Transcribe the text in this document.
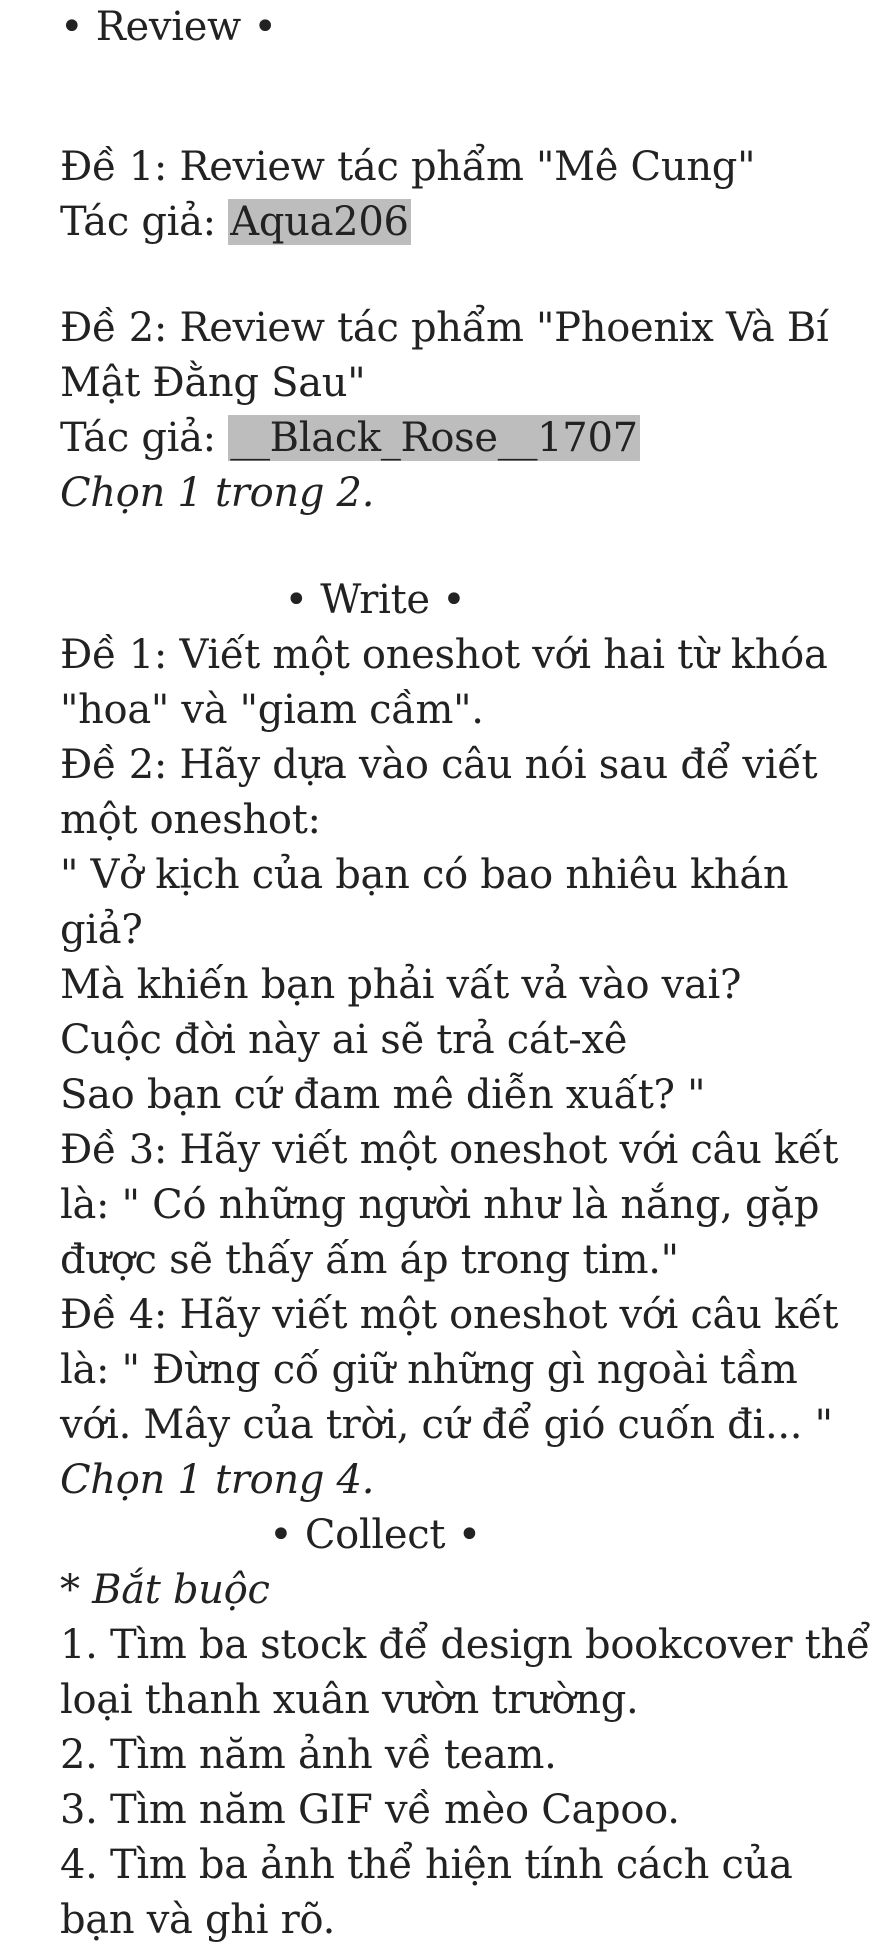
• Review •
Đề 1: Review tác phẩm "Mê Cung"
Tác giả: Aqua206
Đề 2: Review tác phẩm "Phoenix Và Bí
Mật Đằng Sau"
Tác giả: __Black_Rose__1707
Chọn 1 trong 2.
• Write •
Đề 1: Viết một oneshot với hai từ khóa
"hoa" và "giam cầm".
Đề 2: Hãy dựa vào câu nói sau để viết
một oneshot:
" Vở kịch của bạn có bao nhiêu khán
giả?
Mà khiến bạn phải vất vả vào vai?
Cuộc đời này ai sẽ trả cát-xê
Sao bạn cứ đam mê diễn xuất? "
Đề 3: Hãy viết một oneshot với câu kết
là: " Có những người như là nắng, gặp
được sẽ thấy ấm áp trong tim."
Đề 4: Hãy viết một oneshot với câu kết
là: " Đừng cố giữ những gì ngoài tầm
với. Mây của trời, cứ để gió cuốn đi... "
Chọn 1 trong 4.
• Collect •
* Bắt buộc
1. Tìm ba stock để design bookcover thể
loại thanh xuân vườn trường.
2. Tìm năm ảnh về team.
3. Tìm năm GIF về mèo Capoo.
4. Tìm ba ảnh thể hiện tính cách của
bạn và ghi rõ.
